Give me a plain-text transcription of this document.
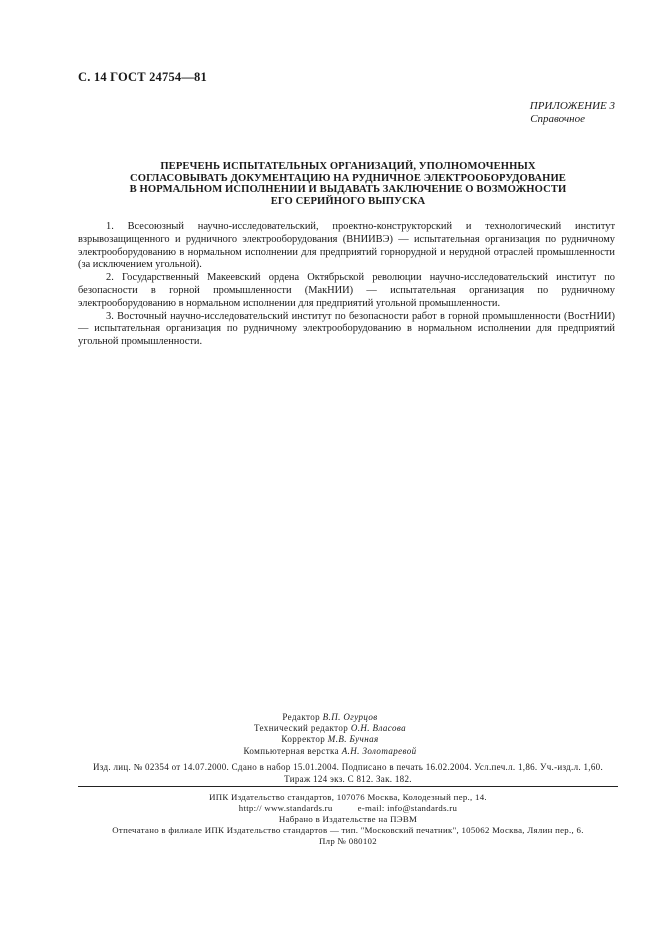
С. 14 ГОСТ 24754—81
ПРИЛОЖЕНИЕ 3
Справочное
ПЕРЕЧЕНЬ ИСПЫТАТЕЛЬНЫХ ОРГАНИЗАЦИЙ, УПОЛНОМОЧЕННЫХ
СОГЛАСОВЫВАТЬ ДОКУМЕНТАЦИЮ НА РУДНИЧНОЕ ЭЛЕКТРООБОРУДОВАНИЕ
В НОРМАЛЬНОМ ИСПОЛНЕНИИ И ВЫДАВАТЬ ЗАКЛЮЧЕНИЕ О ВОЗМОЖНОСТИ
ЕГО СЕРИЙНОГО ВЫПУСКА

1. Всесоюзный научно-исследовательский, проектно-конструкторский и технологический институт взрывозащищенного и рудничного электрооборудования (ВНИИВЭ) — испытательная организация по рудничному электрооборудованию в нормальном исполнении для предприятий горнорудной и нерудной отраслей промышленности (за исключением угольной).

2. Государственный Макеевский ордена Октябрьской революции научно-исследовательский институт по безопасности в горной промышленности (МакНИИ) — испытательная организация по рудничному электрооборудованию в нормальном исполнении для предприятий угольной промышленности.

3. Восточный научно-исследовательский институт по безопасности работ в горной промышленности (ВостНИИ) — испытательная организация по рудничному электрооборудованию в нормальном исполнении для предприятий угольной промышленности.

Редактор В.П. Огурцов
Технический редактор О.Н. Власова
Корректор М.В. Бучная
Компьютерная верстка А.Н. Золотаревой
Изд. лиц. № 02354 от 14.07.2000. Сдано в набор 15.01.2004. Подписано в печать 16.02.2004. Усл.печ.л. 1,86. Уч.-изд.л. 1,60.
Тираж 124 экз. С 812. Зак. 182.
ИПК Издательство стандартов, 107076 Москва, Колодезный пер., 14.
http:// www.standards.ru          e-mail: info@standards.ru
Набрано в Издательстве на ПЭВМ
Отпечатано в филиале ИПК Издательство стандартов — тип. "Московский печатник", 105062 Москва, Лялин пер., 6.
Плр № 080102
